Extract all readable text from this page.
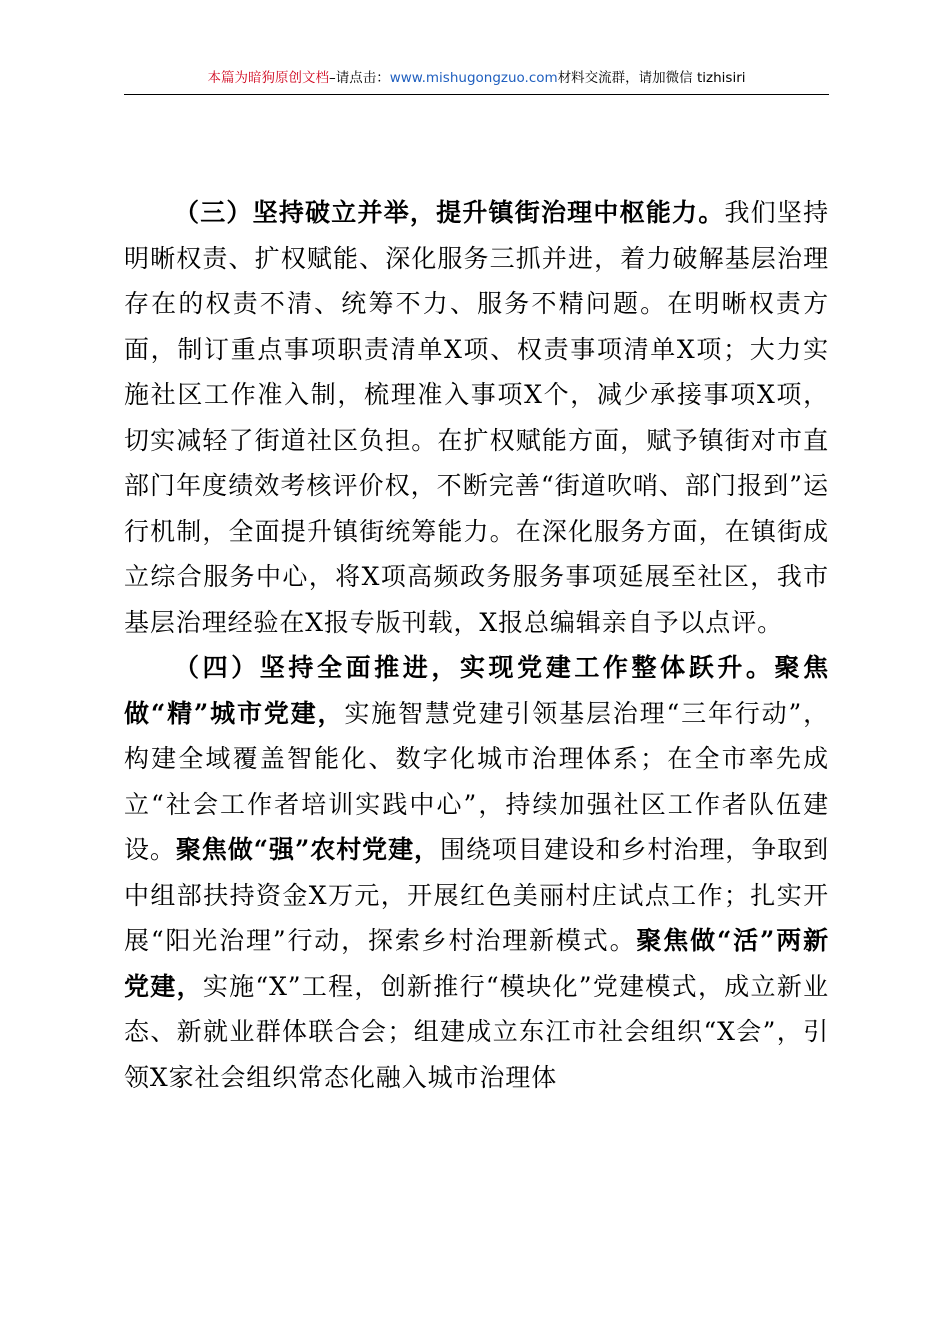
本篇为暗狗原创文档–请点击：www.mishugongzuo.com材料交流群，请加微信 tizhisiri

（三）坚持破立并举，提升镇街治理中枢能力。我们坚持明晰权责、扩权赋能、深化服务三抓并进，着力破解基层治理存在的权责不清、统筹不力、服务不精问题。在明晰权责方面，制订重点事项职责清单X项、权责事项清单X项；大力实施社区工作准入制，梳理准入事项X个，减少承接事项X项，切实减轻了街道社区负担。在扩权赋能方面，赋予镇街对市直部门年度绩效考核评价权，不断完善“街道吹哨、部门报到”运行机制，全面提升镇街统筹能力。在深化服务方面，在镇街成立综合服务中心，将X项高频政务服务事项延展至社区，我市基层治理经验在X报专版刊载，X报总编辑亲自予以点评。

（四）坚持全面推进，实现党建工作整体跃升。聚焦做“精”城市党建，实施智慧党建引领基层治理“三年行动”，构建全域覆盖智能化、数字化城市治理体系；在全市率先成立“社会工作者培训实践中心”，持续加强社区工作者队伍建设。聚焦做“强”农村党建，围绕项目建设和乡村治理，争取到中组部扶持资金X万元，开展红色美丽村庄试点工作；扎实开展“阳光治理”行动，探索乡村治理新模式。聚焦做“活”两新党建，实施“X”工程，创新推行“模块化”党建模式，成立新业态、新就业群体联合会；组建成立东江市社会组织“X会”，引领X家社会组织常态化融入城市治理体
